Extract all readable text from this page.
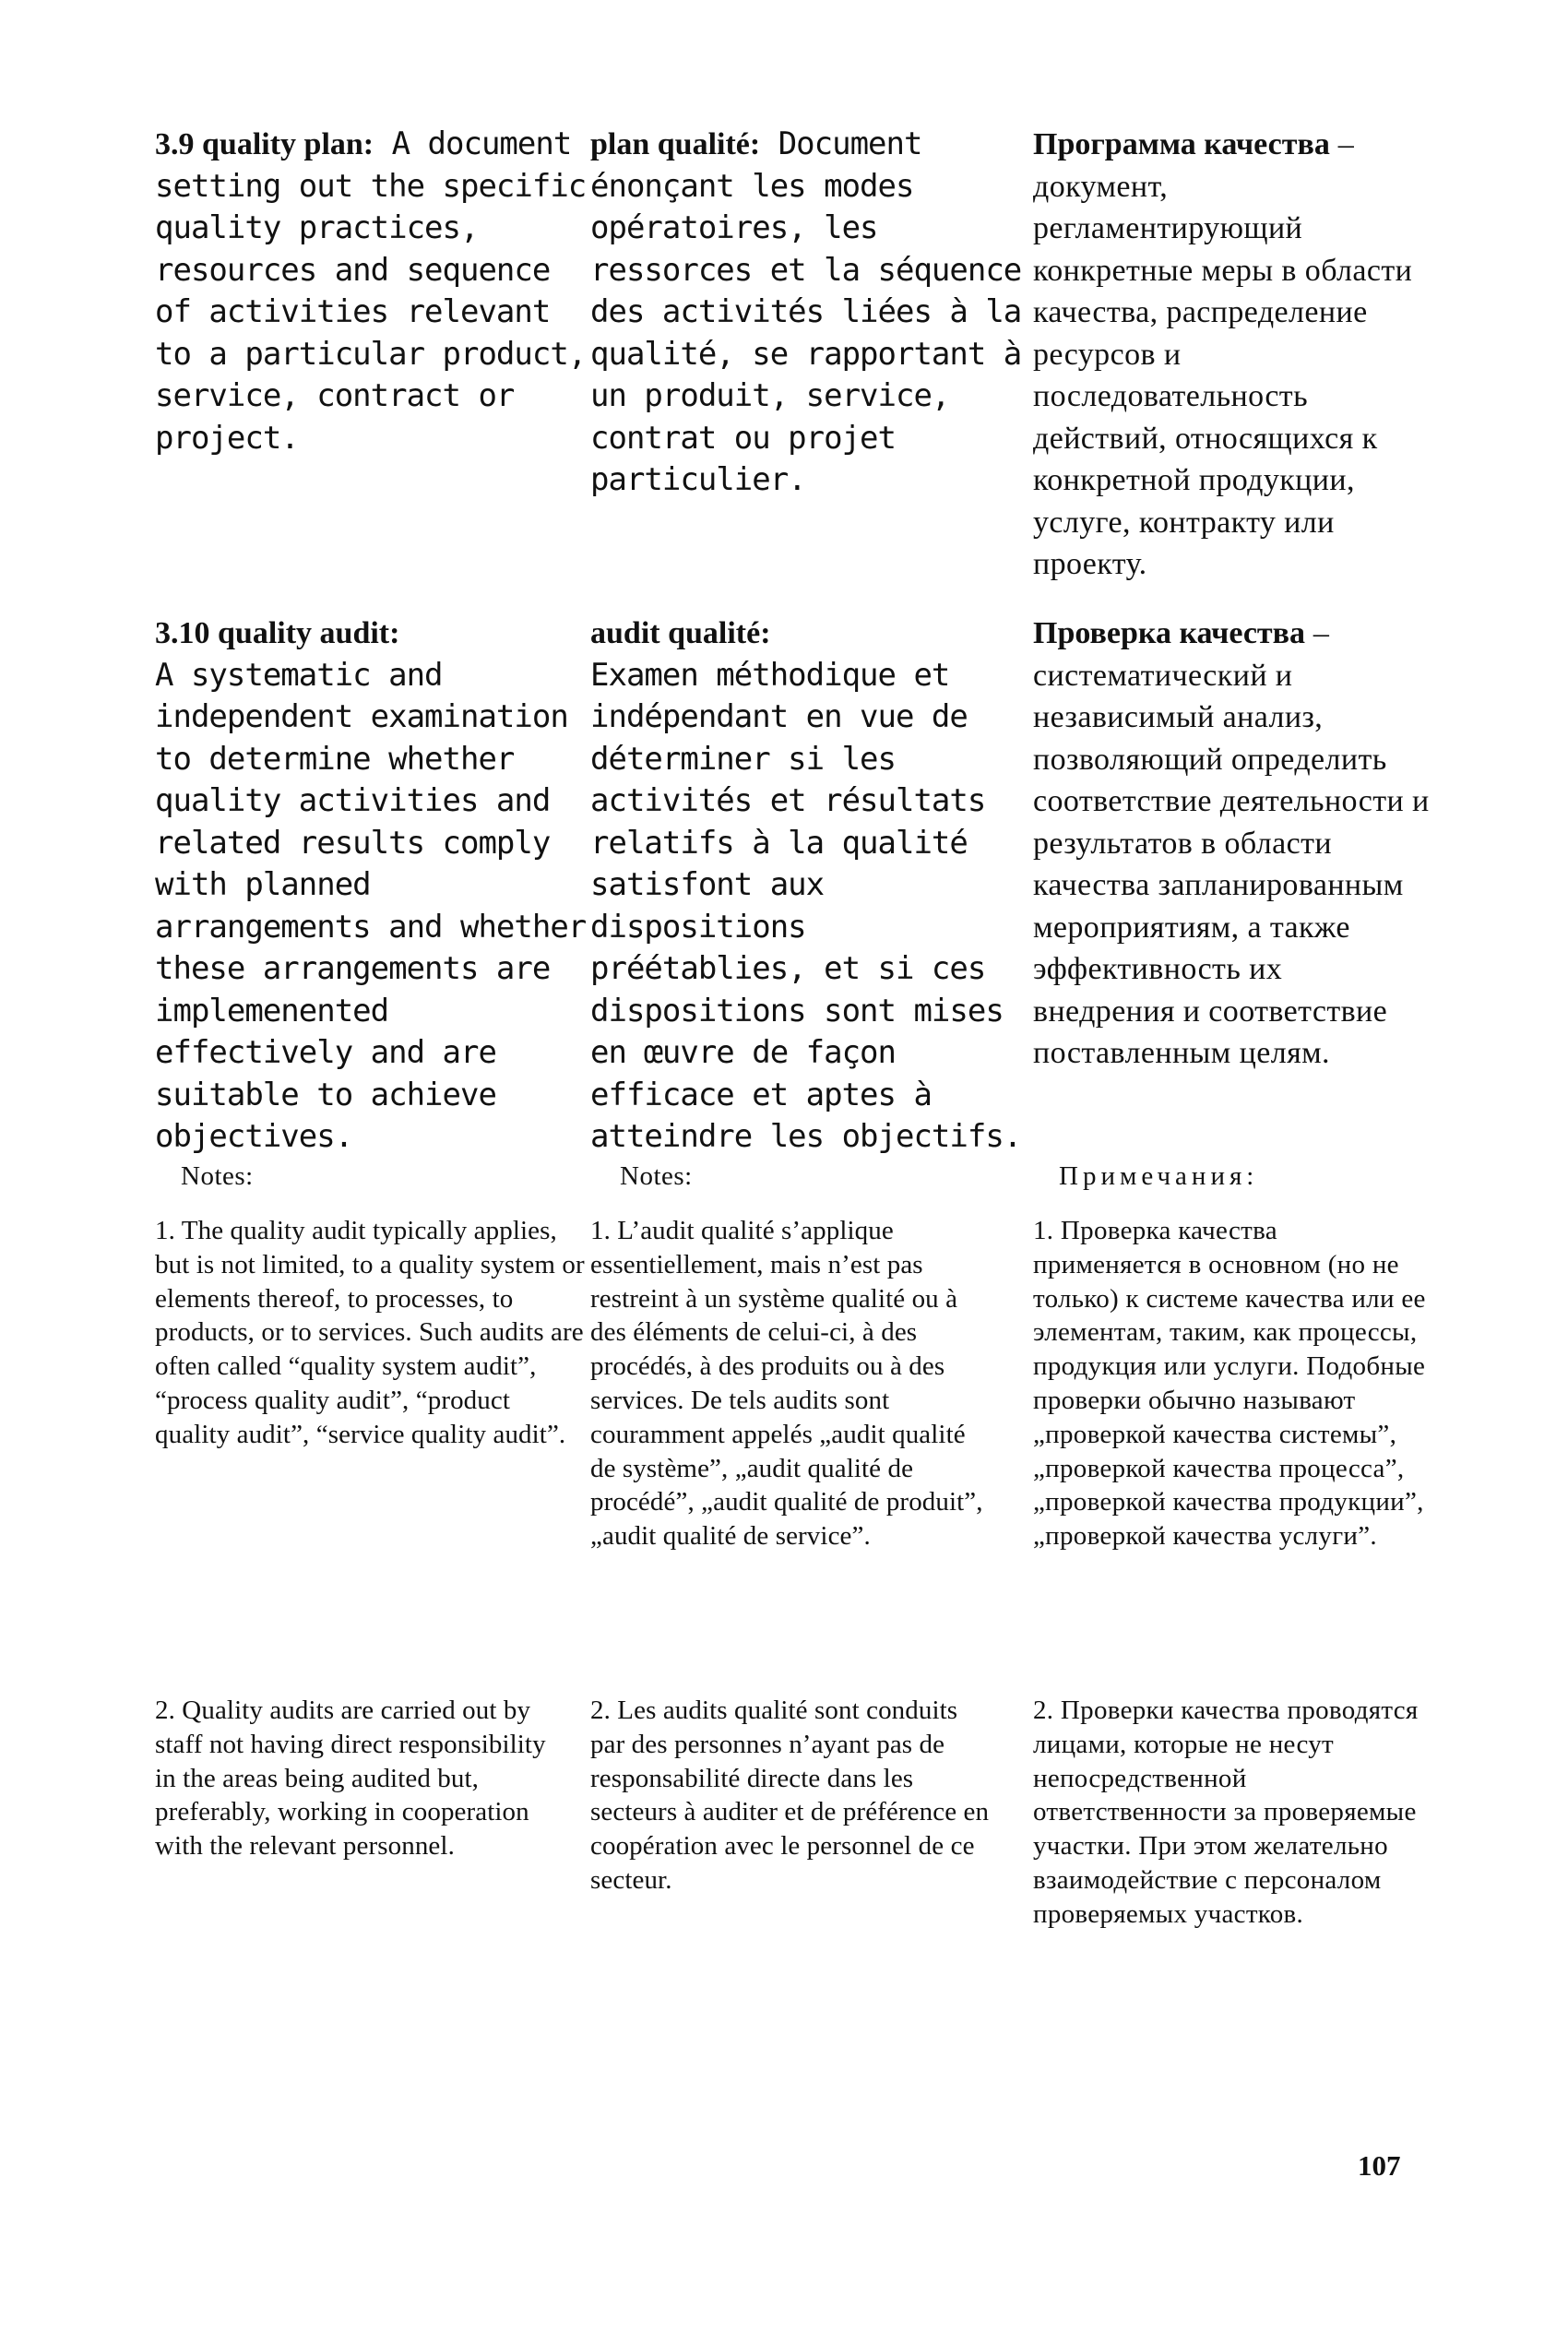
3.9 quality plan: A document setting out the specific quality practices, resources and sequence of activities relevant to a particular product, service, contract or project.

plan qualité: Document énonçant les modes opératoires, les ressorces et la séquence des activités liées à la qualité, se rapportant à un produit, service, contrat ou projet particulier.

Программа качества – документ, регламентирующий конкретные меры в области качества, распределение ресурсов и последовательность действий, относящихся к конкретной продукции, услуге, контракту или проекту.

3.10 quality audit:
A systematic and independent examination to determine whether quality activities and related results comply with planned arrangements and whether these arrangements are implemenented effectively and are suitable to achieve objectives.

audit qualité:
Examen méthodique et indépendant en vue de déterminer si les activités et résultats relatifs à la qualité satisfont aux dispositions préétablies, et si ces dispositions sont mises en œuvre de façon efficace et aptes à atteindre les objectifs.

Проверка качества – систематический и независимый анализ, позволяющий определить соответствие деятельности и результатов в области качества запланированным мероприятиям, а также эффективность их внедрения и соответствие поставленным целям.

Notes:	Notes:	Примечания:

1. The quality audit typically applies, but is not limited, to a quality system or elements thereof, to processes, to products, or to services. Such audits are often called “quality system audit”, “process quality audit”, “product quality audit”, “service quality audit”.

1. L’audit qualité s’applique essentiellement, mais n’est pas restreint à un système qualité ou à des éléments de celui-ci, à des procédés, à des produits ou à des services. De tels audits sont couramment appelés „audit qualité de système”, „audit qualité de procédé”, „audit qualité de produit”, „audit qualité de service”.

1. Проверка качества применяется в основном (но не только) к системе качества или ее элементам, таким, как процессы, продукция или услуги. Подобные проверки обычно называют „проверкой качества системы”, „проверкой качества процесса”, „проверкой качества продукции”, „проверкой качества услуги”.

2. Quality audits are carried out by staff not having direct responsibility in the areas being audited but, preferably, working in cooperation with the relevant personnel.

2. Les audits qualité sont conduits par des personnes n’ayant pas de responsabilité directe dans les secteurs à auditer et de préférence en coopération avec le personnel de ce secteur.

2. Проверки качества проводятся лицами, которые не несут непосредственной ответственности за проверяемые участки. При этом желательно взаимодействие с персоналом проверяемых участков.

107
